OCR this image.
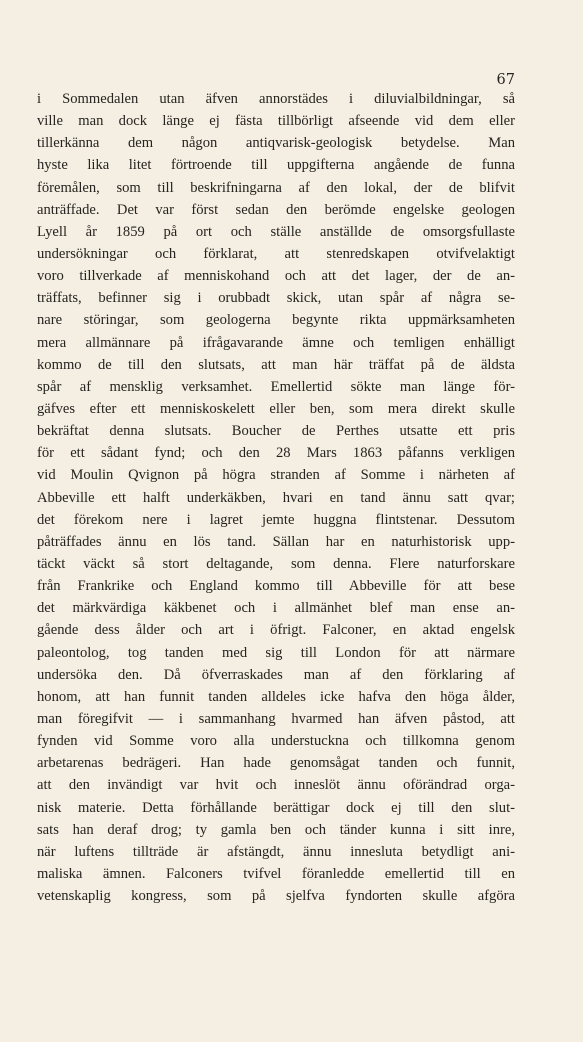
67
i Sommedalen utan äfven annorstädes i diluvialbildningar, så
ville man dock länge ej fästa tillbörligt afseende vid dem eller
tillerkänna dem någon antiqvarisk-geologisk betydelse. Man
hyste lika litet förtroende till uppgifterna angående de funna
föremålen, som till beskrifningarna af den lokal, der de blifvit
anträffade. Det var först sedan den berömde engelske geologen
Lyell år 1859 på ort och ställe anställde de omsorgsfullaste
undersökningar och förklarat, att stenredskapen otvifvelaktigt
voro tillverkade af menniskohand och att det lager, der de an-
träffats, befinner sig i orubbadt skick, utan spår af några se-
nare störingar, som geologerna begynte rikta uppmärksamheten
mera allmännare på ifrågavarande ämne och temligen enhälligt
kommo de till den slutsats, att man här träffat på de äldsta
spår af mensklig verksamhet. Emellertid sökte man länge för-
gäfves efter ett menniskoskelett eller ben, som mera direkt skulle
bekräftat denna slutsats. Boucher de Perthes utsatte ett pris
för ett sådant fynd; och den 28 Mars 1863 påfanns verkligen
vid Moulin Qvignon på högra stranden af Somme i närheten af
Abbeville ett halft underkäkben, hvari en tand ännu satt qvar;
det förekom nere i lagret jemte huggna flintstenar. Dessutom
påträffades ännu en lös tand. Sällan har en naturhistorisk upp-
täckt väckt så stort deltagande, som denna. Flere naturforskare
från Frankrike och England kommo till Abbeville för att bese
det märkvärdiga käkbenet och i allmänhet blef man ense an-
gående dess ålder och art i öfrigt. Falconer, en aktad engelsk
paleontolog, tog tanden med sig till London för att närmare
undersöka den. Då öfverraskades man af den förklaring af
honom, att han funnit tanden alldeles icke hafva den höga ålder,
man föregifvit — i sammanhang hvarmed han äfven påstod, att
fynden vid Somme voro alla understuckna och tillkomna genom
arbetarenas bedrägeri. Han hade genomsågat tanden och funnit,
att den invändigt var hvit och inneslöt ännu oförändrad orga-
nisk materie. Detta förhållande berättigar dock ej till den slut-
sats han deraf drog; ty gamla ben och tänder kunna i sitt inre,
när luftens tillträde är afstängdt, ännu innesluta betydligt ani-
maliska ämnen. Falconers tvifvel föranledde emellertid till en
vetenskaplig kongress, som på sjelfva fyndorten skulle afgöra
